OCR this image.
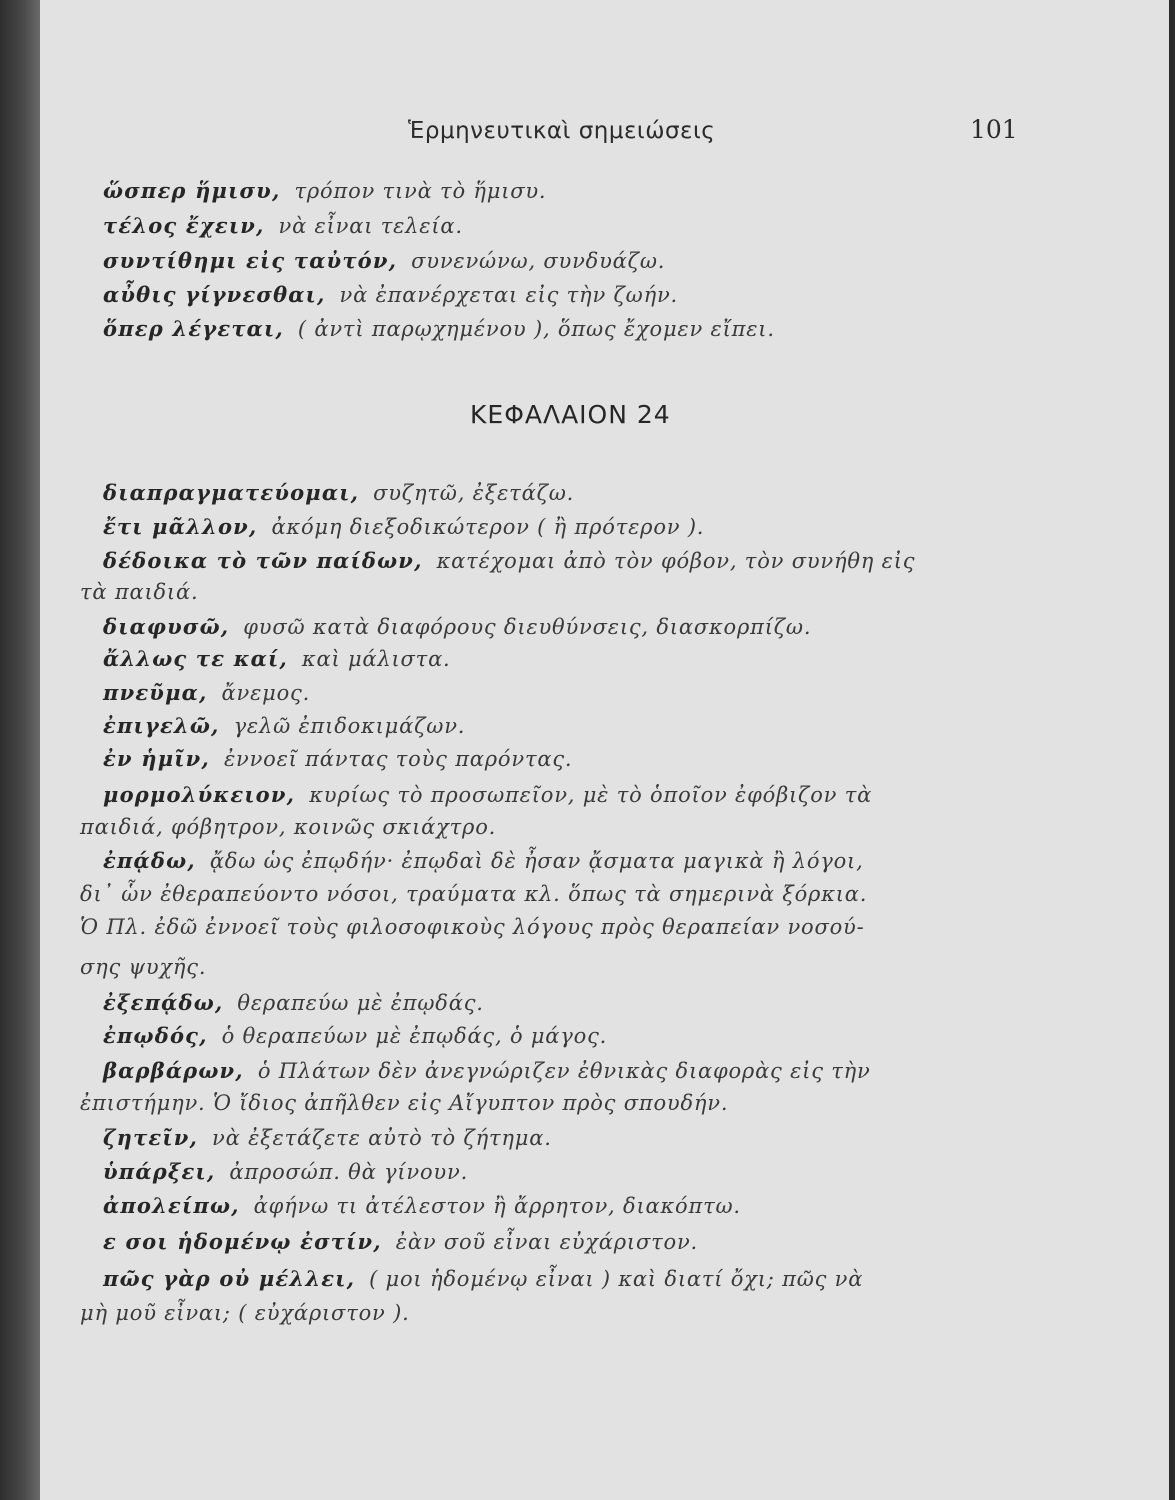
Ἑρμηνευτικαὶ σημειώσεις	101
ὥσπερ ἥμισυ, τρόπον τινὰ τὸ ἥμισυ.
τέλος ἔχειν, νὰ εἶναι τελεία.
συντίθημι εἰς ταὐτόν, συνενώνω, συνδυάζω.
αὖθις γίγνεσθαι, νὰ ἐπανέρχεται εἰς τὴν ζωήν.
ὅπερ λέγεται, ( ἀντὶ παρῳχημένου ), ὅπως ἔχομεν εἴπει.
ΚΕΦΑΛΑΙΟΝ 24
διαπραγματεύομαι, συζητῶ, ἐξετάζω.
ἔτι μᾶλλον, ἀκόμη διεξοδικώτερον ( ἢ πρότερον ).
δέδοικα τὸ τῶν παίδων, κατέχομαι ἀπὸ τὸν φόβον, τὸν συνήθη εἰς
τὰ παιδιά.
διαφυσῶ, φυσῶ κατὰ διαφόρους διευθύνσεις, διασκορπίζω.
ἄλλως τε καί, καὶ μάλιστα.
πνεῦμα, ἄνεμος.
ἐπιγελῶ, γελῶ ἐπιδοκιμάζων.
ἐν ἡμῖν, ἐννοεῖ πάντας τοὺς παρόντας.
μορμολύκειον, κυρίως τὸ προσωπεῖον, μὲ τὸ ὁποῖον ἐφόβιζον τὰ
παιδιά, φόβητρον, κοινῶς σκιάχτρο.
ἐπᾴδω, ᾄδω ὡς ἐπῳδήν· ἐπῳδαὶ δὲ ἦσαν ᾄσματα μαγικὰ ἢ λόγοι,
δι᾽ ὧν ἐθεραπεύοντο νόσοι, τραύματα κλ. ὅπως τὰ σημερινὰ ξόρκια.
Ὁ Πλ. ἐδῶ ἐννοεῖ τοὺς φιλοσοφικοὺς λόγους πρὸς θεραπείαν νοσού-
σης ψυχῆς.
ἐξεπᾴδω, θεραπεύω μὲ ἐπῳδάς.
ἐπῳδός, ὁ θεραπεύων μὲ ἐπῳδάς, ὁ μάγος.
βαρβάρων, ὁ Πλάτων δὲν ἀνεγνώριζεν ἐθνικὰς διαφορὰς εἰς τὴν
ἐπιστήμην. Ὁ ἴδιος ἀπῆλθεν εἰς Αἴγυπτον πρὸς σπουδήν.
ζητεῖν, νὰ ἐξετάζετε αὐτὸ τὸ ζήτημα.
ὑπάρξει, ἀπροσώπ. θὰ γίνουν.
ἀπολείπω, ἀφήνω τι ἀτέλεστον ἢ ἄρρητον, διακόπτω.
ε σοι ἡδομένῳ ἐστίν, ἐὰν σοῦ εἶναι εὐχάριστον.
πῶς γὰρ οὐ μέλλει, ( μοι ἡδομένῳ εἶναι ) καὶ διατί ὄχι; πῶς νὰ
μὴ μοῦ εἶναι; ( εὐχάριστον ).
